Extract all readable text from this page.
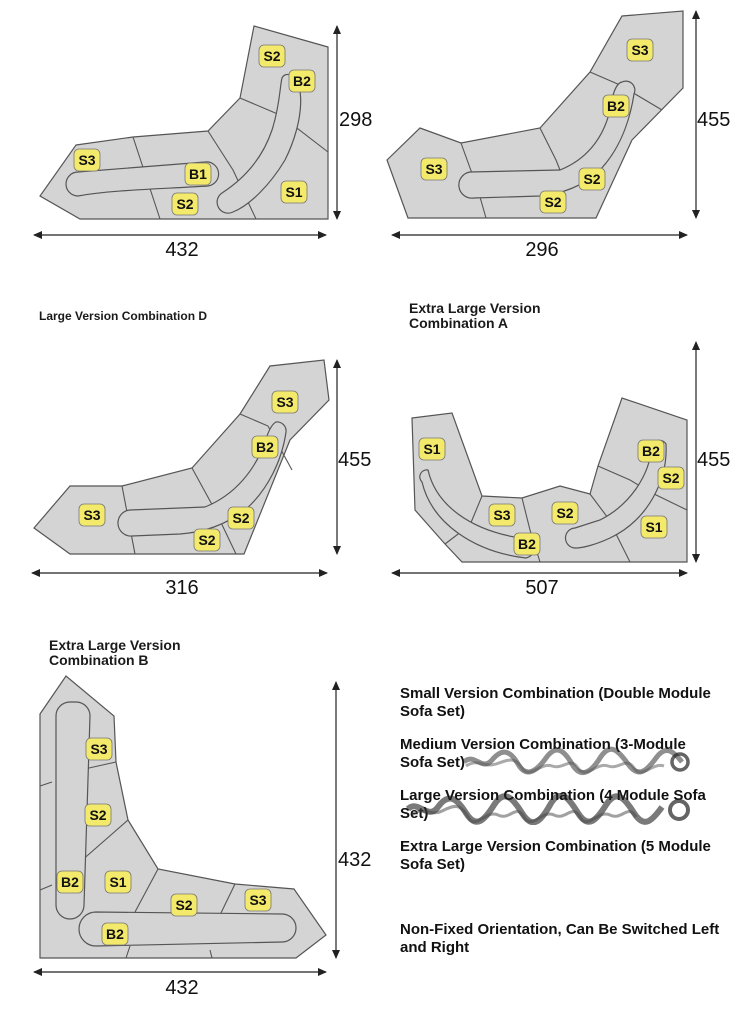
432
298
S2
B2
S3
B1
S2
S1
296
455
S3
B2
S3
S2
S2
316
455
S3
B2
S3	S2
S2
507
455
S1	B2
S2
S3	S2
B2
S1
432
432
S3
S2
B2 S1
S2	S3
B2
Large Version Combination D	Extra Large Version
Combination A
Extra Large Version
Combination B
Small Version Combination (Double Module Sofa Set)
Medium Version Combination (3-Module Sofa Set)
Large Version Combination (4 Module Sofa Set)
Extra Large Version Combination (5 Module Sofa Set)
Non-Fixed Orientation, Can Be Switched Left and Right
